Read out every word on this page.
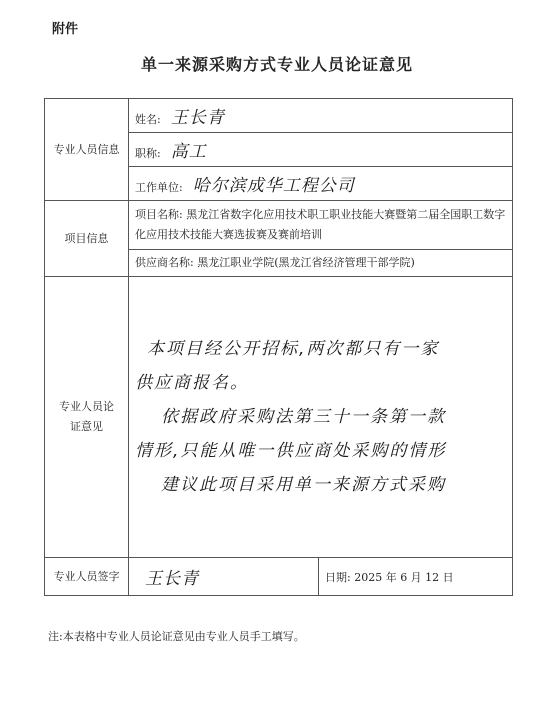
附件
单一来源采购方式专业人员论证意见
专业人员信息	姓名: 王长青	
	职称: 高工	
	工作单位: 哈尔滨成华工程公司	
项目信息	项目名称: 黑龙江省数字化应用技术职工职业技能大赛暨第二届全国职工数字化应用技术技能大赛选拔赛及赛前培训	
	供应商名称: 黑龙江职业学院(黑龙江省经济管理干部学院)	
专业人员论证意见	本项目经公开招标,两次都只有一家
供应商报名。
依据政府采购法第三十一条第一款
情形,只能从唯一供应商处采购的情形
建议此项目采用单一来源方式采购	

专业人员签字	王长青	日期: 2025 年 6 月 12 日
注:本表格中专业人员论证意见由专业人员手工填写。
